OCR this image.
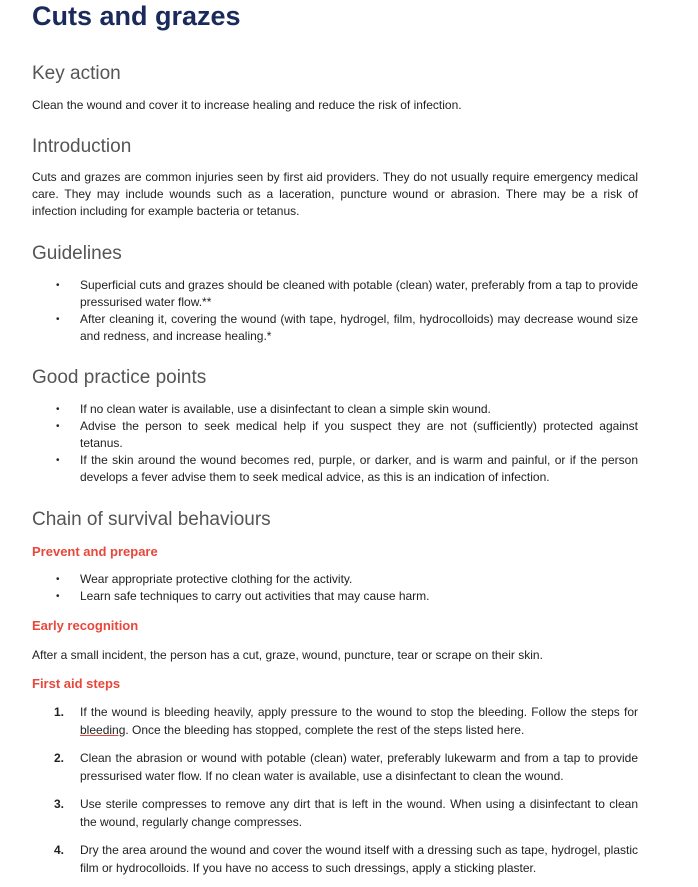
Cuts and grazes
Key action

Clean the wound and cover it to increase healing and reduce the risk of infection.

Introduction

Cuts and grazes are common injuries seen by first aid providers. They do not usually require emergency medical care. They may include wounds such as a laceration, puncture wound or abrasion. There may be a risk of infection including for example bacteria or tetanus.

Guidelines
• Superficial cuts and grazes should be cleaned with potable (clean) water, preferably from a tap to provide pressurised water flow.**
• After cleaning it, covering the wound (with tape, hydrogel, film, hydrocolloids) may decrease wound size and redness, and increase healing.*
Good practice points
• If no clean water is available, use a disinfectant to clean a simple skin wound.
• Advise the person to seek medical help if you suspect they are not (sufficiently) protected against tetanus.
• If the skin around the wound becomes red, purple, or darker, and is warm and painful, or if the person develops a fever advise them to seek medical advice, as this is an indication of infection.
Chain of survival behaviours
Prevent and prepare
• Wear appropriate protective clothing for the activity.
• Learn safe techniques to carry out activities that may cause harm.
Early recognition

After a small incident, the person has a cut, graze, wound, puncture, tear or scrape on their skin.

First aid steps
1. If the wound is bleeding heavily, apply pressure to the wound to stop the bleeding. Follow the steps for bleeding. Once the bleeding has stopped, complete the rest of the steps listed here.
2. Clean the abrasion or wound with potable (clean) water, preferably lukewarm and from a tap to provide pressurised water flow. If no clean water is available, use a disinfectant to clean the wound.
3. Use sterile compresses to remove any dirt that is left in the wound. When using a disinfectant to clean the wound, regularly change compresses.
4. Dry the area around the wound and cover the wound itself with a dressing such as tape, hydrogel, plastic film or hydrocolloids. If you have no access to such dressings, apply a sticking plaster.
